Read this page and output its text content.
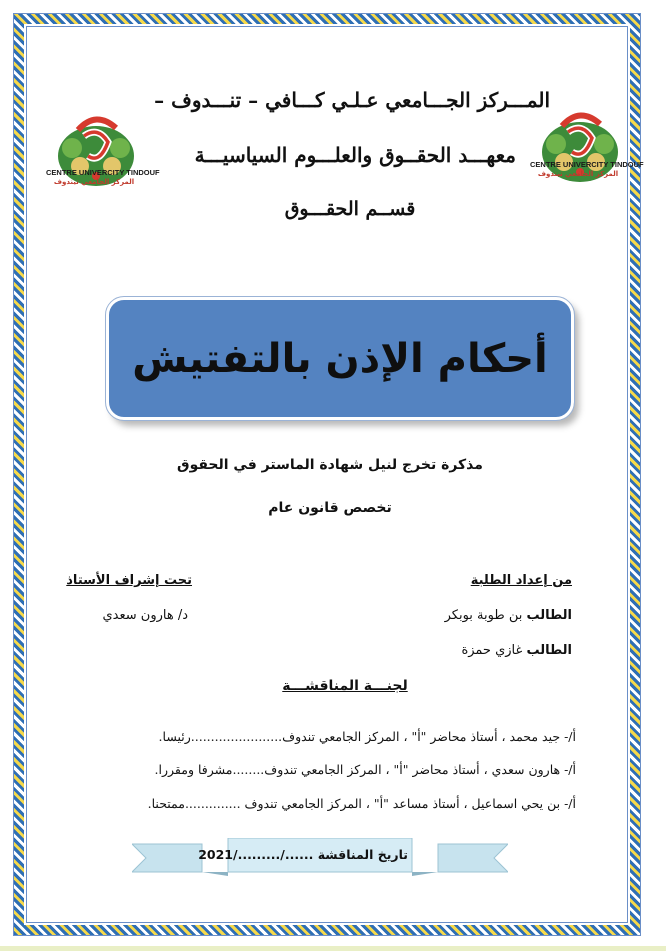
المـــركز الجـــامعي عـلـي كـــافي – تنـــدوف –
معهـــد الحقــوق والعلـــوم السياسيـــة
قســم الحقـــوق
CENTRE UNIVERCITY TINDOUF
المركز الجامعي تيندوف
CENTRE UNIVERCITY TINDOUF
المركز الجامعي تيندوف
أحكام الإذن بالتفتيش
مذكرة تخرج لنيل شهادة الماستر في الحقوق
تخصص قانون عام
من إعداد الطلبة
الطالب بن طوبة بوبكر
الطالب غازي حمزة
تحت إشراف الأستاذ
د/ هارون سعدي
لجنـــة المناقشـــة
أ/- جيد محمد ، أستاذ محاضر "أ" ، المركز الجامعي تندوف.......................رئيسا.
أ/- هارون سعدي ، أستاذ محاضر "أ" ، المركز الجامعي تندوف........مشرفا ومقررا.
أ/- بن يحي اسماعيل ، أستاذ مساعد "أ" ، المركز الجامعي تندوف ..............ممتحنا.
تاريخ المناقشة ....../........./2021
